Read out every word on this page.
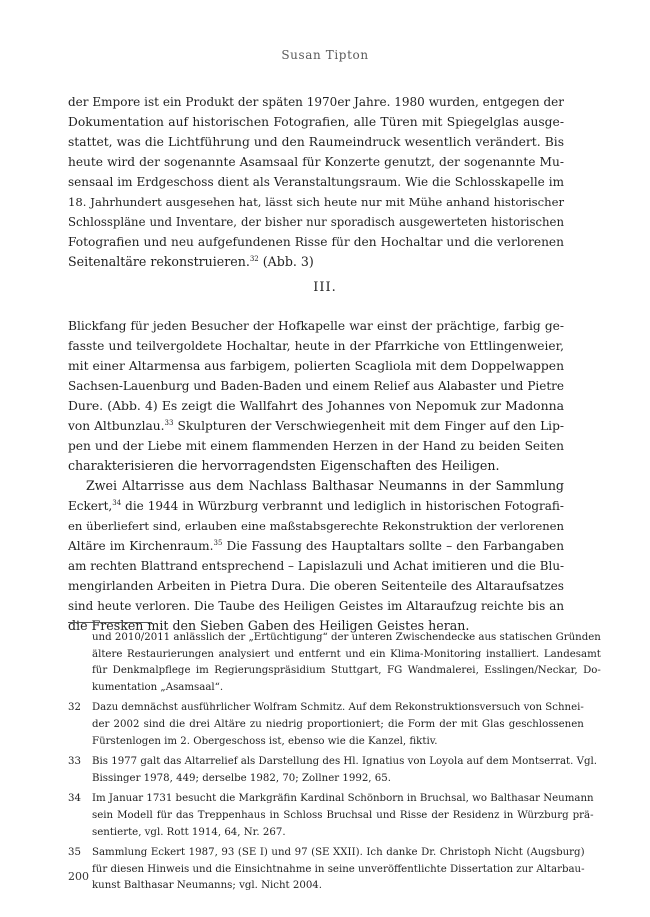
Susan Tipton
der Empore ist ein Produkt der späten 1970er Jahre. 1980 wurden, entgegen der
Dokumentation auf historischen Fotografien, alle Türen mit Spiegelglas ausge-
stattet, was die Lichtführung und den Raumeindruck wesentlich verändert. Bis
heute wird der sogenannte Asamsaal für Konzerte genutzt, der sogenannte Mu-
sensaal im Erdgeschoss dient als Veranstaltungsraum. Wie die Schlosskapelle im
18. Jahrhundert ausgesehen hat, lässt sich heute nur mit Mühe anhand historischer
Schlosspläne und Inventare, der bisher nur sporadisch ausgewerteten historischen
Fotografien und neu aufgefundenen Risse für den Hochaltar und die verlorenen
Seitenaltäre rekonstruieren.$^{32}$ (Abb. 3)
III.
Blickfang für jeden Besucher der Hofkapelle war einst der prächtige, farbig ge-
fasste und teilvergoldete Hochaltar, heute in der Pfarrkiche von Ettlingenweier,
mit einer Altarmensa aus farbigem, polierten Scagliola mit dem Doppelwappen
Sachsen-Lauenburg und Baden-Baden und einem Relief aus Alabaster und Pietre
Dure. (Abb. 4) Es zeigt die Wallfahrt des Johannes von Nepomuk zur Madonna
von Altbunzlau.$^{33}$ Skulpturen der Verschwiegenheit mit dem Finger auf den Lip-
pen und der Liebe mit einem flammenden Herzen in der Hand zu beiden Seiten
charakterisieren die hervorragendsten Eigenschaften des Heiligen.
Zwei Altarrisse aus dem Nachlass Balthasar Neumanns in der Sammlung
Eckert,$^{34}$ die 1944 in Würzburg verbrannt und lediglich in historischen Fotografi-
en überliefert sind, erlauben eine maßstabsgerechte Rekonstruktion der verlorenen
Altäre im Kirchenraum.$^{35}$ Die Fassung des Hauptaltars sollte – den Farbangaben
am rechten Blattrand entsprechend – Lapislazuli und Achat imitieren und die Blu-
mengirlanden Arbeiten in Pietra Dura. Die oberen Seitenteile des Altaraufsatzes
sind heute verloren. Die Taube des Heiligen Geistes im Altaraufzug reichte bis an
die Fresken mit den Sieben Gaben des Heiligen Geistes heran.
und 2010/2011 anlässlich der „Ertüchtigung“ der unteren Zwischendecke aus statischen Gründen
ältere Restaurierungen analysiert und entfernt und ein Klima-Monitoring installiert. Landesamt
für Denkmalpflege im Regierungspräsidium Stuttgart, FG Wandmalerei, Esslingen/Neckar, Do-
kumentation „Asamsaal“.
32	Dazu demnächst ausführlicher Wolfram Schmitz. Auf dem Rekonstruktionsversuch von Schnei-
der 2002 sind die drei Altäre zu niedrig proportioniert; die Form der mit Glas geschlossenen
Fürstenlogen im 2. Obergeschoss ist, ebenso wie die Kanzel, fiktiv.
33	Bis 1977 galt das Altarrelief als Darstellung des Hl. Ignatius von Loyola auf dem Montserrat. Vgl.
Bissinger 1978, 449; derselbe 1982, 70; Zollner 1992, 65.
34	Im Januar 1731 besucht die Markgräfin Kardinal Schönborn in Bruchsal, wo Balthasar Neumann
sein Modell für das Treppenhaus in Schloss Bruchsal und Risse der Residenz in Würzburg prä-
sentierte, vgl. Rott 1914, 64, Nr. 267.
35	Sammlung Eckert 1987, 93 (SE I) und 97 (SE XXII). Ich danke Dr. Christoph Nicht (Augsburg)
für diesen Hinweis und die Einsichtnahme in seine unveröffentlichte Dissertation zur Altarbau-
kunst Balthasar Neumanns; vgl. Nicht 2004.
200
